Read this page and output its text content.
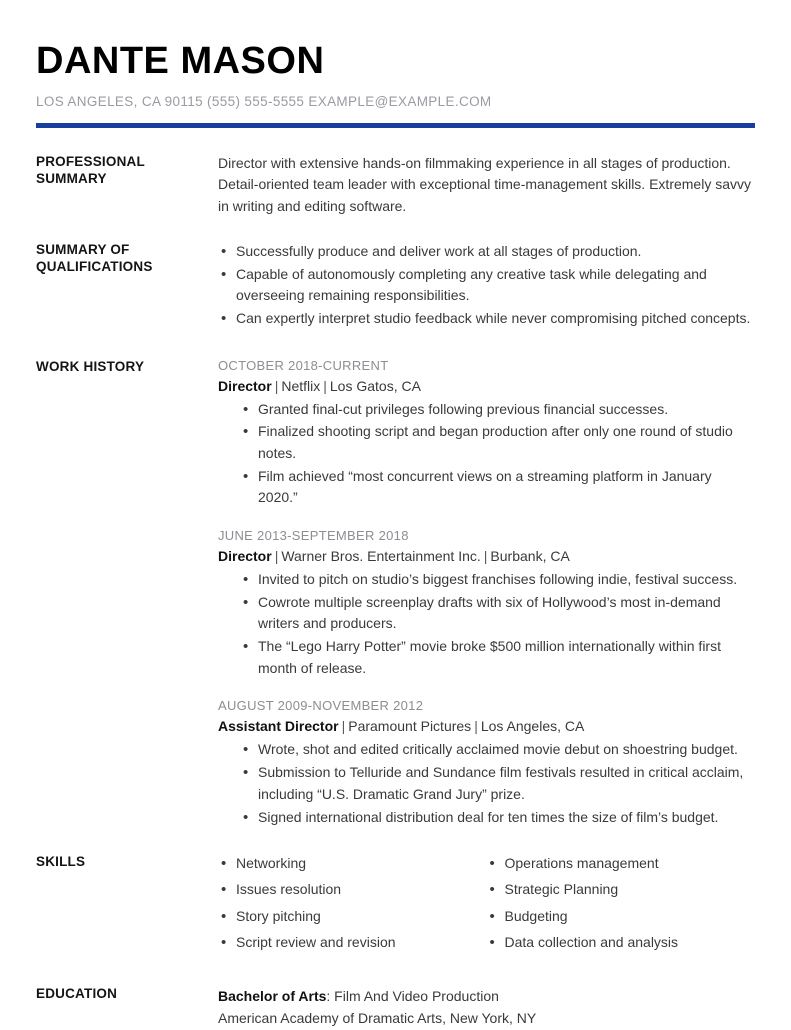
DANTE MASON
LOS ANGELES, CA 90115 (555) 555-5555 EXAMPLE@EXAMPLE.COM
PROFESSIONAL SUMMARY

Director with extensive hands-on filmmaking experience in all stages of production. Detail-oriented team leader with exceptional time-management skills. Extremely savvy in writing and editing software.

SUMMARY OF QUALIFICATIONS
• Successfully produce and deliver work at all stages of production.
• Capable of autonomously completing any creative task while delegating and overseeing remaining responsibilities.
• Can expertly interpret studio feedback while never compromising pitched concepts.
WORK HISTORY	OCTOBER 2018-CURRENT
Director | Netflix | Los Gatos, CA
• Granted final-cut privileges following previous financial successes.
• Finalized shooting script and began production after only one round of studio notes.
• Film achieved “most concurrent views on a streaming platform in January 2020.”
JUNE 2013-SEPTEMBER 2018
Director | Warner Bros. Entertainment Inc. | Burbank, CA
• Invited to pitch on studio’s biggest franchises following indie, festival success.
• Cowrote multiple screenplay drafts with six of Hollywood’s most in-demand writers and producers.
• The “Lego Harry Potter” movie broke $500 million internationally within first month of release.
AUGUST 2009-NOVEMBER 2012
Assistant Director | Paramount Pictures | Los Angeles, CA
• Wrote, shot and edited critically acclaimed movie debut on shoestring budget.
• Submission to Telluride and Sundance film festivals resulted in critical acclaim, including “U.S. Dramatic Grand Jury” prize.
• Signed international distribution deal for ten times the size of film’s budget.
SKILLS	• Networking
• Issues resolution
• Story pitching
• Script review and revision
• Operations management
• Strategic Planning
• Budgeting
• Data collection and analysis
EDUCATION	Bachelor of Arts: Film And Video Production
American Academy of Dramatic Arts, New York, NY
